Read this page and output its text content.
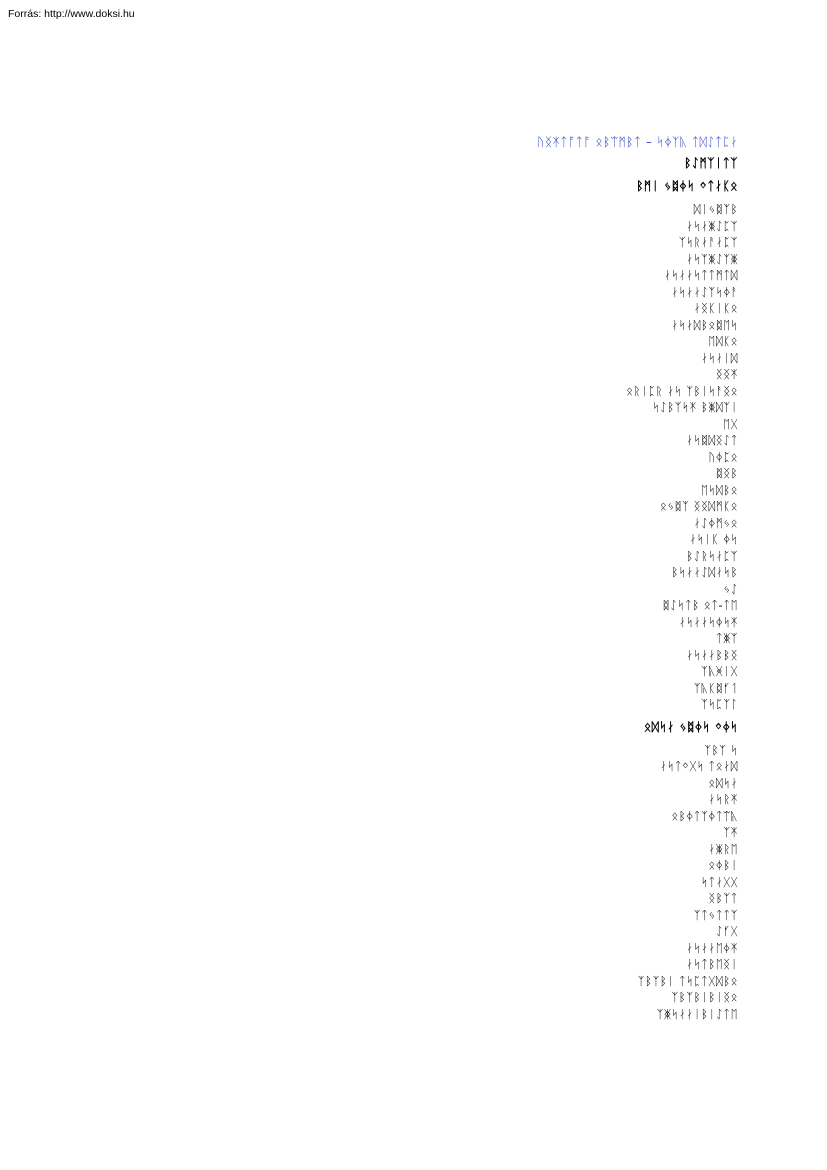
Forrás: http://www.doksi.hu
ᚢᛝᛡᛏᚩᛏᚩ ᛟᛒᛠᛗᛒᛏ – ᛋᛄᛉᚣ ᛏᛞᛇᛏᛈᛅ
ᛒᛇᛗᛉᛁᛏᛉ
ᛒᛗᛁ ᛃᛥᛄᛋ ᛜᛏᛅᛕᛟ
ᛞᛁᛃᛥᛉᛒ
ᛅᛋᛅᛤᛇᛈᛉ
ᛉᛋᚱᛅᚨᛅᛈᛉ
ᛅᛋᛉᛤᛇᛉᛤ
ᛅᛋᛅᛅᛋᛏᛏᛗᛏᛞ
ᛅᛋᛅᛅᛇᛉᛋᛄᚨ
ᛅᛝᛕᛁᛕᛟ
ᛅᛋᛅᛞᛒᛟᛥᛖᛋ
ᛖᛞᛕᛟ
ᛅᛋᛅᛁᛞ
ᛝᛝᛡ
ᛟᚱᛁᛈᚱ ᛅᛋ ᛉᛒᛁᛋᚨᛝᛟ
ᛋᛇᛒᛉᛋᛡ ᛒᛤᛞᛉᛁ
ᛖᚷ
ᛅᛋᛥᛞᛝᛇᛏ
ᚢᛄᛈᛟ
ᛥᛝᛒ
ᛖᛋᛞᛒᛟ
ᛟᛃᛥᛉ ᛝᛝᛞᛗᛕᛟ
ᛅᛇᛄᛗᛃᛟ
ᛅᛋᛁᛕ ᛄᛋ
ᛒᛇᚱᛋᛅᛈᛉ
ᛒᛋᛅᛅᛇᛞᛅᛋᛒ
ᛃᛇ
ᛥᛇᛋᛏᛒ ᛟᛏ-ᛏᛖ
ᛅᛋᛅᛅᛋᛄᛋᛡ
ᛏᛤᛉ
ᛅᛋᛅᛅᛒᛒᛝ
ᛉᚣᚸᛁᚷ
ᛉᚣᛕᛥᚶᛐ
ᛉᛋᛈᛉᛚ
ᛟᛞᛋᛅ ᛃᛥᛄᛋ ᛜᛄᛋ
ᛉᛒᛉ ᛋ
ᛅᛋᛏᛜᚷᛋ ᛏᛟᛅᛞ
ᛟᛞᛋᛅ
ᛅᛋᚱᛡ
ᛟᛒᛄᛏᛉᛄᛏᛠᚣ
ᛉᛡ
ᛅᛤᚱᛖ
ᛟᛄᛒᛁ
ᛋᛏᛅᚷᚷ
ᛝᛒᛉᛏ
ᛉᛏᛃᛏᛏᛉ
ᛇᚶᚷ
ᛅᛋᛅᛅᛖᛄᛡ
ᛅᛋᛏᛒᛖᛝᛁ
ᛉᛒᛉᛒᛁ ᛏᛋᛈᛏᚷᛞᛒᛟ
ᛉᛒᛉᛒᛁᛒᛁᛝᛟ
ᛉᛤᛋᛅᛅᛁᛒᛁᛇᛏᛖ
